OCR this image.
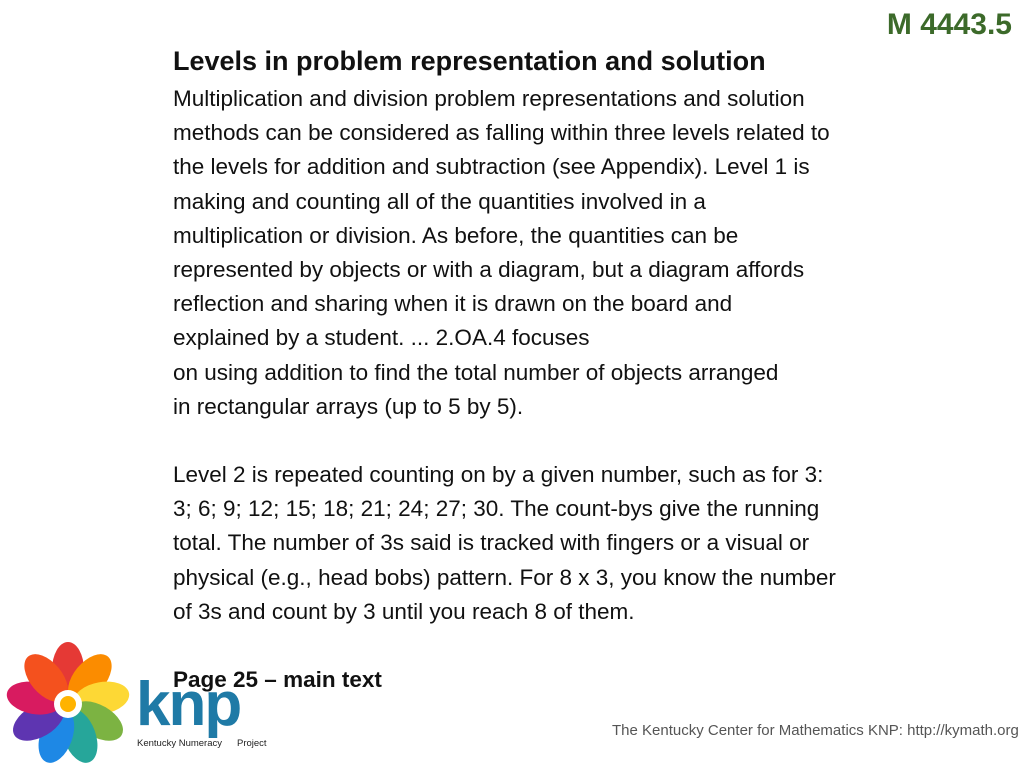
M 4443.5

Levels in problem representation and solution

Multiplication and division problem representations and solution

methods can be considered as falling within three levels related to

the levels for addition and subtraction (see Appendix). Level 1 is

making and counting all of the quantities involved in a

multiplication or division. As before, the quantities can be

represented by objects or with a diagram, but a diagram affords

reflection and sharing when it is drawn on the board and

explained by a student. ... 2.OA.4 focuses

on using addition to find the total number of objects arranged

in rectangular arrays (up to 5 by 5).

Level 2 is repeated counting on by a given number, such as for 3:

3; 6; 9; 12; 15; 18; 21; 24; 27; 30. The count-bys give the running

total. The number of 3s said is tracked with fingers or a visual or

physical (e.g., head bobs) pattern. For 8 x 3, you know the number

of 3s and count by 3 until you reach 8 of them.

Page 25 – main text

knp
Kentucky Numeracy Project
The Kentucky Center for Mathematics KNP: http://kymath.org
